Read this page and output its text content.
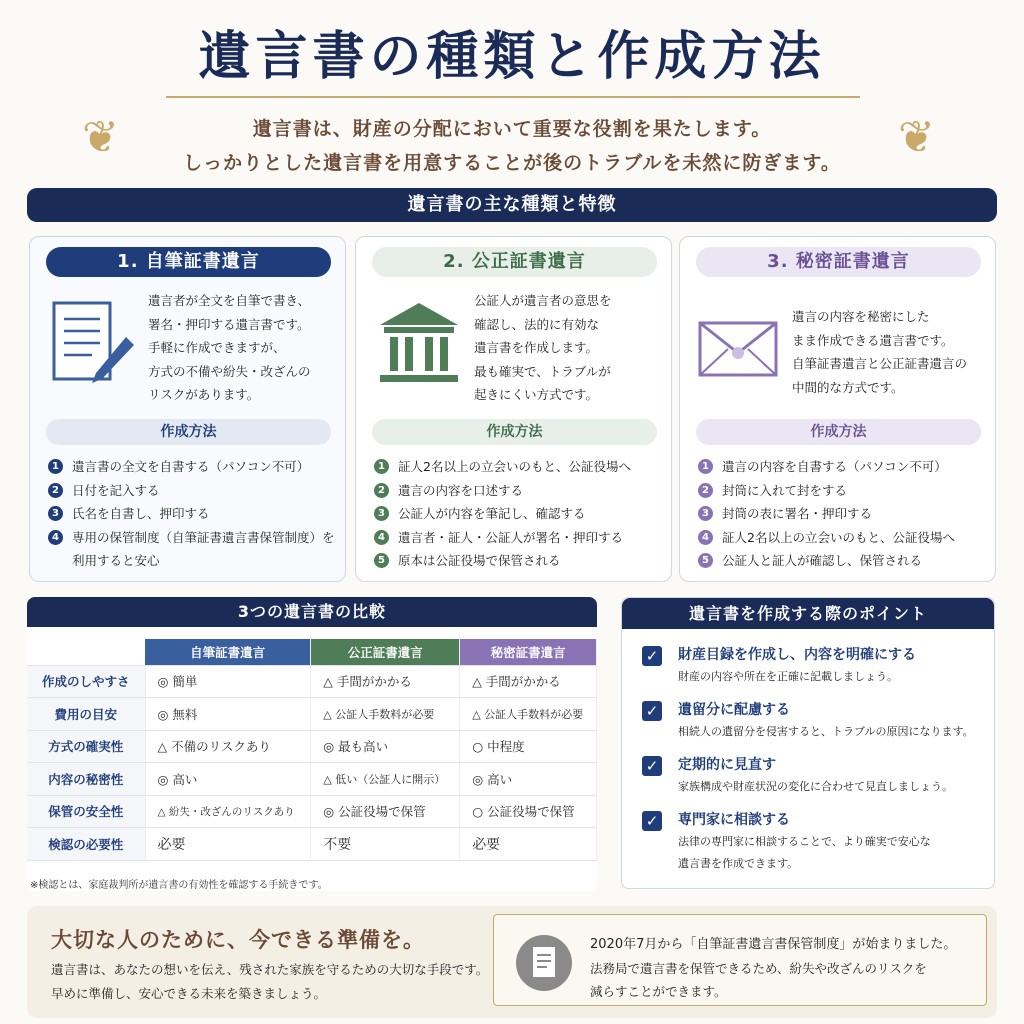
遺言書の種類と作成方法
❦	❦
遺言書は、財産の分配において重要な役割を果たします。
しっかりとした遺言書を用意することが後のトラブルを未然に防ぎます。
遺言書の主な種類と特徴
1. 自筆証書遺言
遺言者が全文を自筆で書き、
署名・押印する遺言書です。
手軽に作成できますが、
方式の不備や紛失・改ざんの
リスクがあります。
作成方法
1	遺言書の全文を自書する（パソコン不可）
2	日付を記入する
3	氏名を自書し、押印する
4	専用の保管制度（自筆証書遺言書保管制度）を利用すると安心
2. 公正証書遺言
公証人が遺言者の意思を
確認し、法的に有効な
遺言書を作成します。
最も確実で、トラブルが
起きにくい方式です。
作成方法
1	証人2名以上の立会いのもと、公証役場へ
2	遺言の内容を口述する
3	公証人が内容を筆記し、確認する
4	遺言者・証人・公証人が署名・押印する
5	原本は公証役場で保管される
3. 秘密証書遺言
遺言の内容を秘密にした
まま作成できる遺言書です。
自筆証書遺言と公正証書遺言の
中間的な方式です。
作成方法
1	遺言の内容を自書する（パソコン不可）
2	封筒に入れて封をする
3	封筒の表に署名・押印する
4	証人2名以上の立会いのもと、公証役場へ
5	公証人と証人が確認し、保管される
3つの遺言書の比較
	自筆証書遺言	公正証書遺言	秘密証書遺言
作成のしやすさ	◎ 簡単	△ 手間がかかる	△ 手間がかかる
費用の目安	◎ 無料	△ 公証人手数料が必要	△ 公証人手数料が必要
方式の確実性	△ 不備のリスクあり	◎ 最も高い	○ 中程度
内容の秘密性	◎ 高い	△ 低い（公証人に開示）	◎ 高い
保管の安全性	△ 紛失・改ざんのリスクあり	◎ 公証役場で保管	○ 公証役場で保管
検認の必要性	必要	不要	必要
※検認とは、家庭裁判所が遺言書の有効性を確認する手続きです。
遺言書を作成する際のポイント
✓	財産目録を作成し、内容を明確にする
財産の内容や所在を正確に記載しましょう。
✓	遺留分に配慮する
相続人の遺留分を侵害すると、トラブルの原因になります。
✓	定期的に見直す
家族構成や財産状況の変化に合わせて見直しましょう。
✓	専門家に相談する
法律の専門家に相談することで、より確実で安心な
遺言書を作成できます。
大切な人のために、今できる準備を。
遺言書は、あなたの想いを伝え、残された家族を守るための大切な手段です。
早めに準備し、安心できる未来を築きましょう。
2020年7月から「自筆証書遺言書保管制度」が始まりました。
法務局で遺言書を保管できるため、紛失や改ざんのリスクを
減らすことができます。
